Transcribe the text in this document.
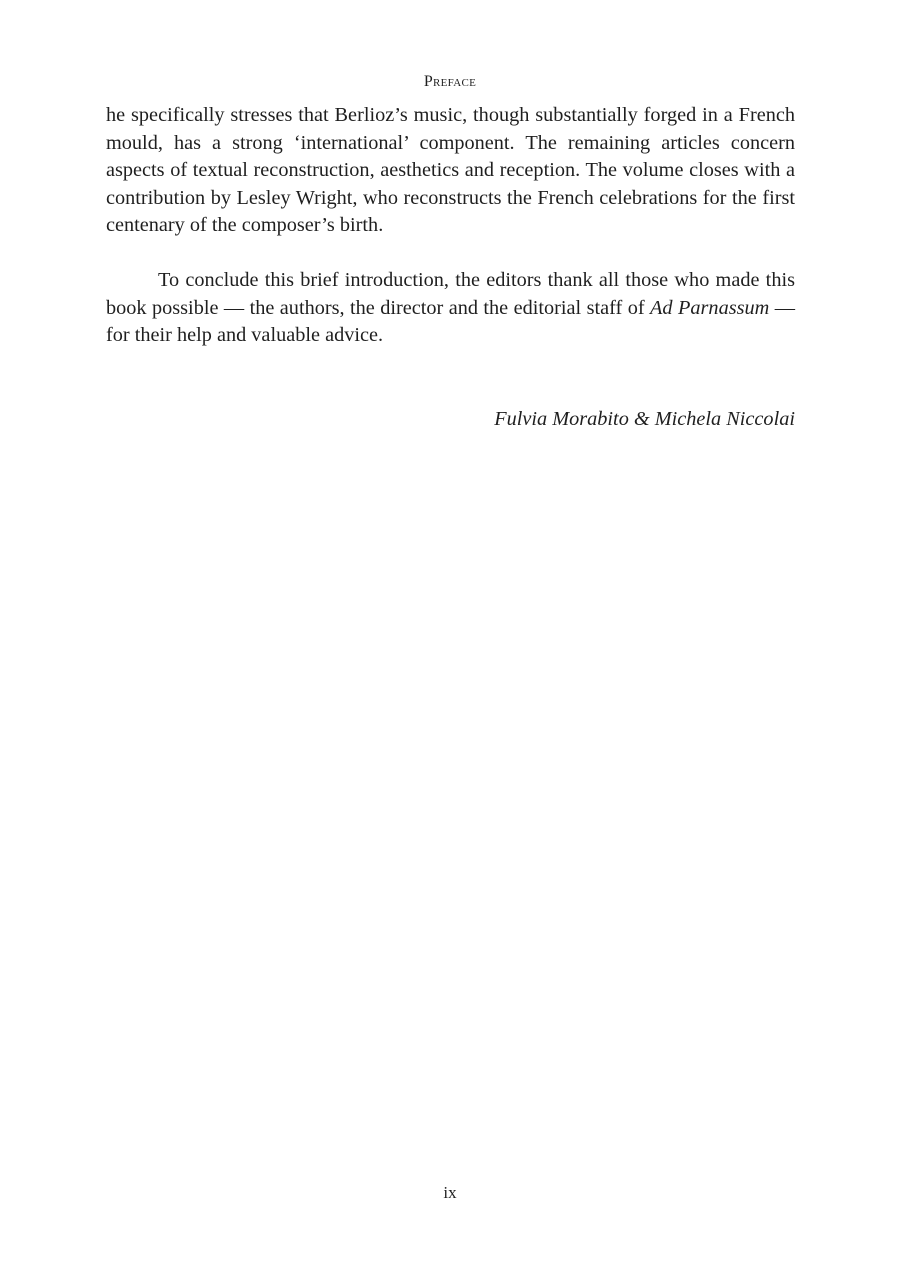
Preface

he specifically stresses that Berlioz’s music, though substantially forged in a French mould, has a strong ‘international’ component. The remaining articles concern aspects of textual reconstruction, aesthetics and reception. The volume closes with a contribution by Lesley Wright, who reconstructs the French celebrations for the first centenary of the composer’s birth.

To conclude this brief introduction, the editors thank all those who made this book possible — the authors, the director and the editorial staff of Ad Parnassum — for their help and valuable advice.

Fulvia Morabito & Michela Niccolai
ix
